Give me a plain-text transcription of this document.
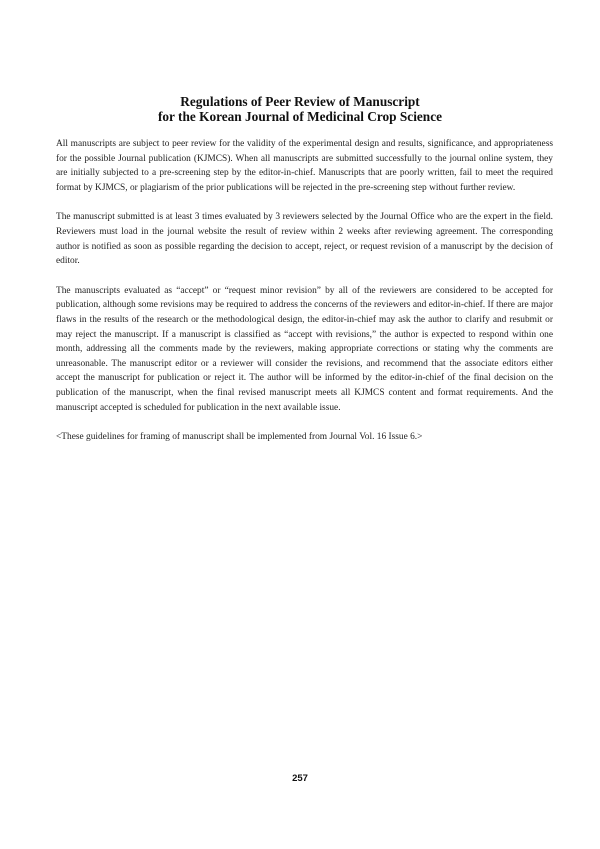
Regulations of Peer Review of Manuscript
for the Korean Journal of Medicinal Crop Science

All manuscripts are subject to peer review for the validity of the experimental design and results, significance, and appropriateness for the possible Journal publication (KJMCS). When all manuscripts are submitted successfully to the journal online system, they are initially subjected to a pre-screening step by the editor-in-chief. Manuscripts that are poorly written, fail to meet the required format by KJMCS, or plagiarism of the prior publications will be rejected in the pre-screening step without further review.

The manuscript submitted is at least 3 times evaluated by 3 reviewers selected by the Journal Office who are the expert in the field. Reviewers must load in the journal website the result of review within 2 weeks after reviewing agreement. The corresponding author is notified as soon as possible regarding the decision to accept, reject, or request revision of a manuscript by the decision of editor.

The manuscripts evaluated as “accept” or “request minor revision” by all of the reviewers are considered to be accepted for publication, although some revisions may be required to address the concerns of the reviewers and editor-in-chief. If there are major flaws in the results of the research or the methodological design, the editor-in-chief may ask the author to clarify and resubmit or may reject the manuscript. If a manuscript is classified as “accept with revisions,” the author is expected to respond within one month, addressing all the comments made by the reviewers, making appropriate corrections or stating why the comments are unreasonable. The manuscript editor or a reviewer will consider the revisions, and recommend that the associate editors either accept the manuscript for publication or reject it. The author will be informed by the editor-in-chief of the final decision on the publication of the manuscript, when the final revised manuscript meets all KJMCS content and format requirements. And the manuscript accepted is scheduled for publication in the next available issue.

<These guidelines for framing of manuscript shall be implemented from Journal Vol. 16 Issue 6.>

257
